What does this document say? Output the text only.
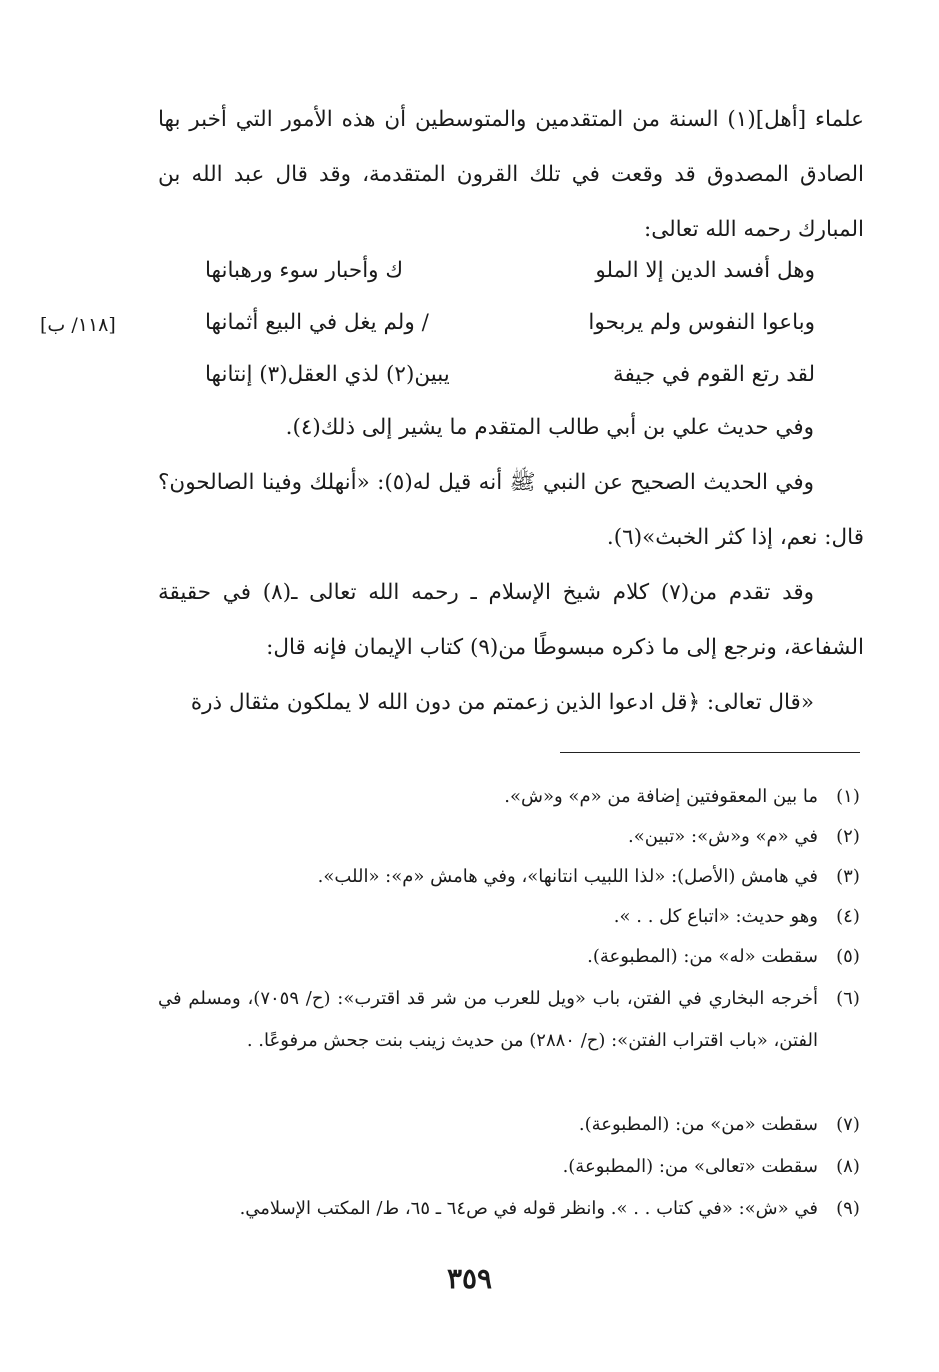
علماء [أهل](١) السنة من المتقدمين والمتوسطين أن هذه الأمور التي أخبر بها الصادق المصدوق قد وقعت في تلك القرون المتقدمة، وقد قال عبد الله بن المبارك رحمه الله تعالى:

وهل أفسد الدين إلا الملو
ك وأحبار سوء ورهبانها
وباعوا النفوس ولم يربحوا
/ ولم يغل في البيع أثمانها
لقد رتع القوم في جيفة
يبين(٢) لذي العقل(٣) إنتانها
[١١٨/ ب]

وفي حديث علي بن أبي طالب المتقدم ما يشير إلى ذلك(٤).

وفي الحديث الصحيح عن النبي ﷺ أنه قيل له(٥): «أنهلك وفينا الصالحون؟ قال: نعم، إذا كثر الخبث»(٦).

وقد تقدم من(٧) كلام شيخ الإسلام ـ رحمه الله تعالى ـ(٨) في حقيقة الشفاعة، ونرجع إلى ما ذكره مبسوطًا من(٩) كتاب الإيمان فإنه قال:

«قال تعالى: ﴿قل ادعوا الذين زعمتم من دون الله لا يملكون مثقال ذرة

(١)
ما بين المعقوفتين إضافة من «م» و«ش».
(٢)
في «م» و«ش»: «تبين».
(٣)
في هامش (الأصل): «لذا اللبيب انتانها»، وفي هامش «م»: «اللب».
(٤)
وهو حديث: «اتباع كل . . ».
(٥)
سقطت «له» من: (المطبوعة).
(٦)
أخرجه البخاري في الفتن، باب «ويل للعرب من شر قد اقترب»: (ح/ ٧٠٥٩)، ومسلم في الفتن، «باب اقتراب الفتن»: (ح/ ٢٨٨٠) من حديث زينب بنت جحش مرفوعًا. .
(٧)
سقطت «من» من: (المطبوعة).
(٨)
سقطت «تعالى» من: (المطبوعة).
(٩)
في «ش»: «في كتاب . . ». وانظر قوله في ص٦٤ ـ ٦٥، ط/ المكتب الإسلامي.
٣٥٩
